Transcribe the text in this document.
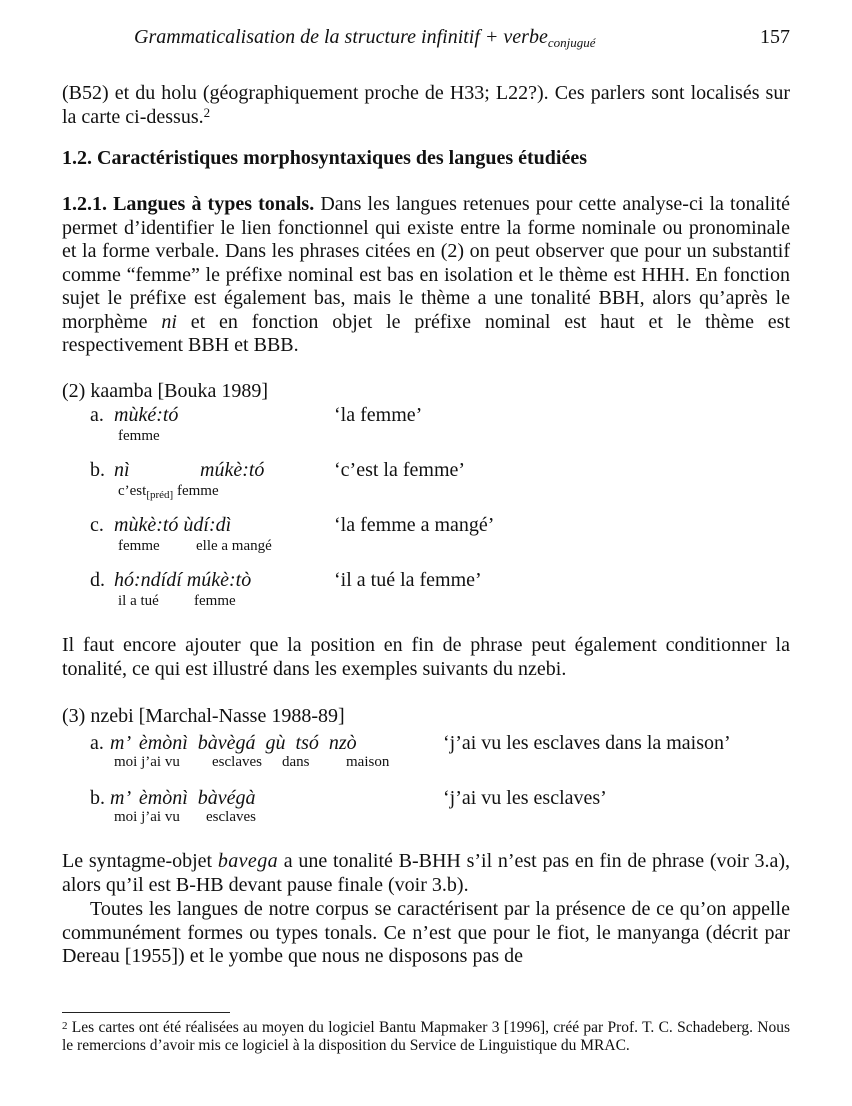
Grammaticalisation de la structure infinitif + verbe$_{conjugué}$	157
(B52) et du holu (géographiquement proche de H33; L22?). Ces parlers sont localisés sur la carte ci-dessus.$^2$
1.2. Caractéristiques morphosyntaxiques des langues étudiées
1.2.1. Langues à types tonals. Dans les langues retenues pour cette analyse-ci la tonalité permet d’identifier le lien fonctionnel qui existe entre la forme nominale ou pronominale et la forme verbale. Dans les phrases citées en (2) on peut observer que pour un substantif comme “femme” le préfixe nominal est bas en isolation et le thème est HHH. En fonction sujet le préfixe est également bas, mais le thème a une tonalité BBH, alors qu’après le morphème ni et en fonction objet le préfixe nominal est haut et le thème est respectivement BBH et BBB.
(2) kaamba [Bouka 1989]
a. mùké:tó
femme
‘la femme’
b. nì	múkè:tó
c’est$_{[préd]}$ femme
‘c’est la femme’
c. mùkè:tó ùdí:dì
femme elle a mangé
‘la femme a mangé’
d. hó:ndídí múkè:tò
il a tué femme
‘il a tué la femme’
Il faut encore ajouter que la position en fin de phrase peut également conditionner la tonalité, ce qui est illustré dans les exemples suivants du nzebi.
(3) nzebi [Marchal-Nasse 1988-89]
a. m’  èmònì  bàvègá  gù  tsó  nzò
moi j’ai vu esclaves dans maison
‘j’ai vu les esclaves dans la maison’
b. m’  èmònì  bàvégà
moi j’ai vu esclaves
‘j’ai vu les esclaves’
Le syntagme-objet bavega a une tonalité B-BHH s’il n’est pas en fin de phrase (voir 3.a), alors qu’il est B-HB devant pause finale (voir 3.b).
Toutes les langues de notre corpus se caractérisent par la présence de ce qu’on appelle communément formes ou types tonals. Ce n’est que pour le fiot, le manyanga (décrit par Dereau [1955]) et le yombe que nous ne disposons pas de
$^2$ Les cartes ont été réalisées au moyen du logiciel Bantu Mapmaker 3 [1996], créé par Prof. T. C. Schadeberg. Nous le remercions d’avoir mis ce logiciel à la disposition du Service de Linguistique du MRAC.
